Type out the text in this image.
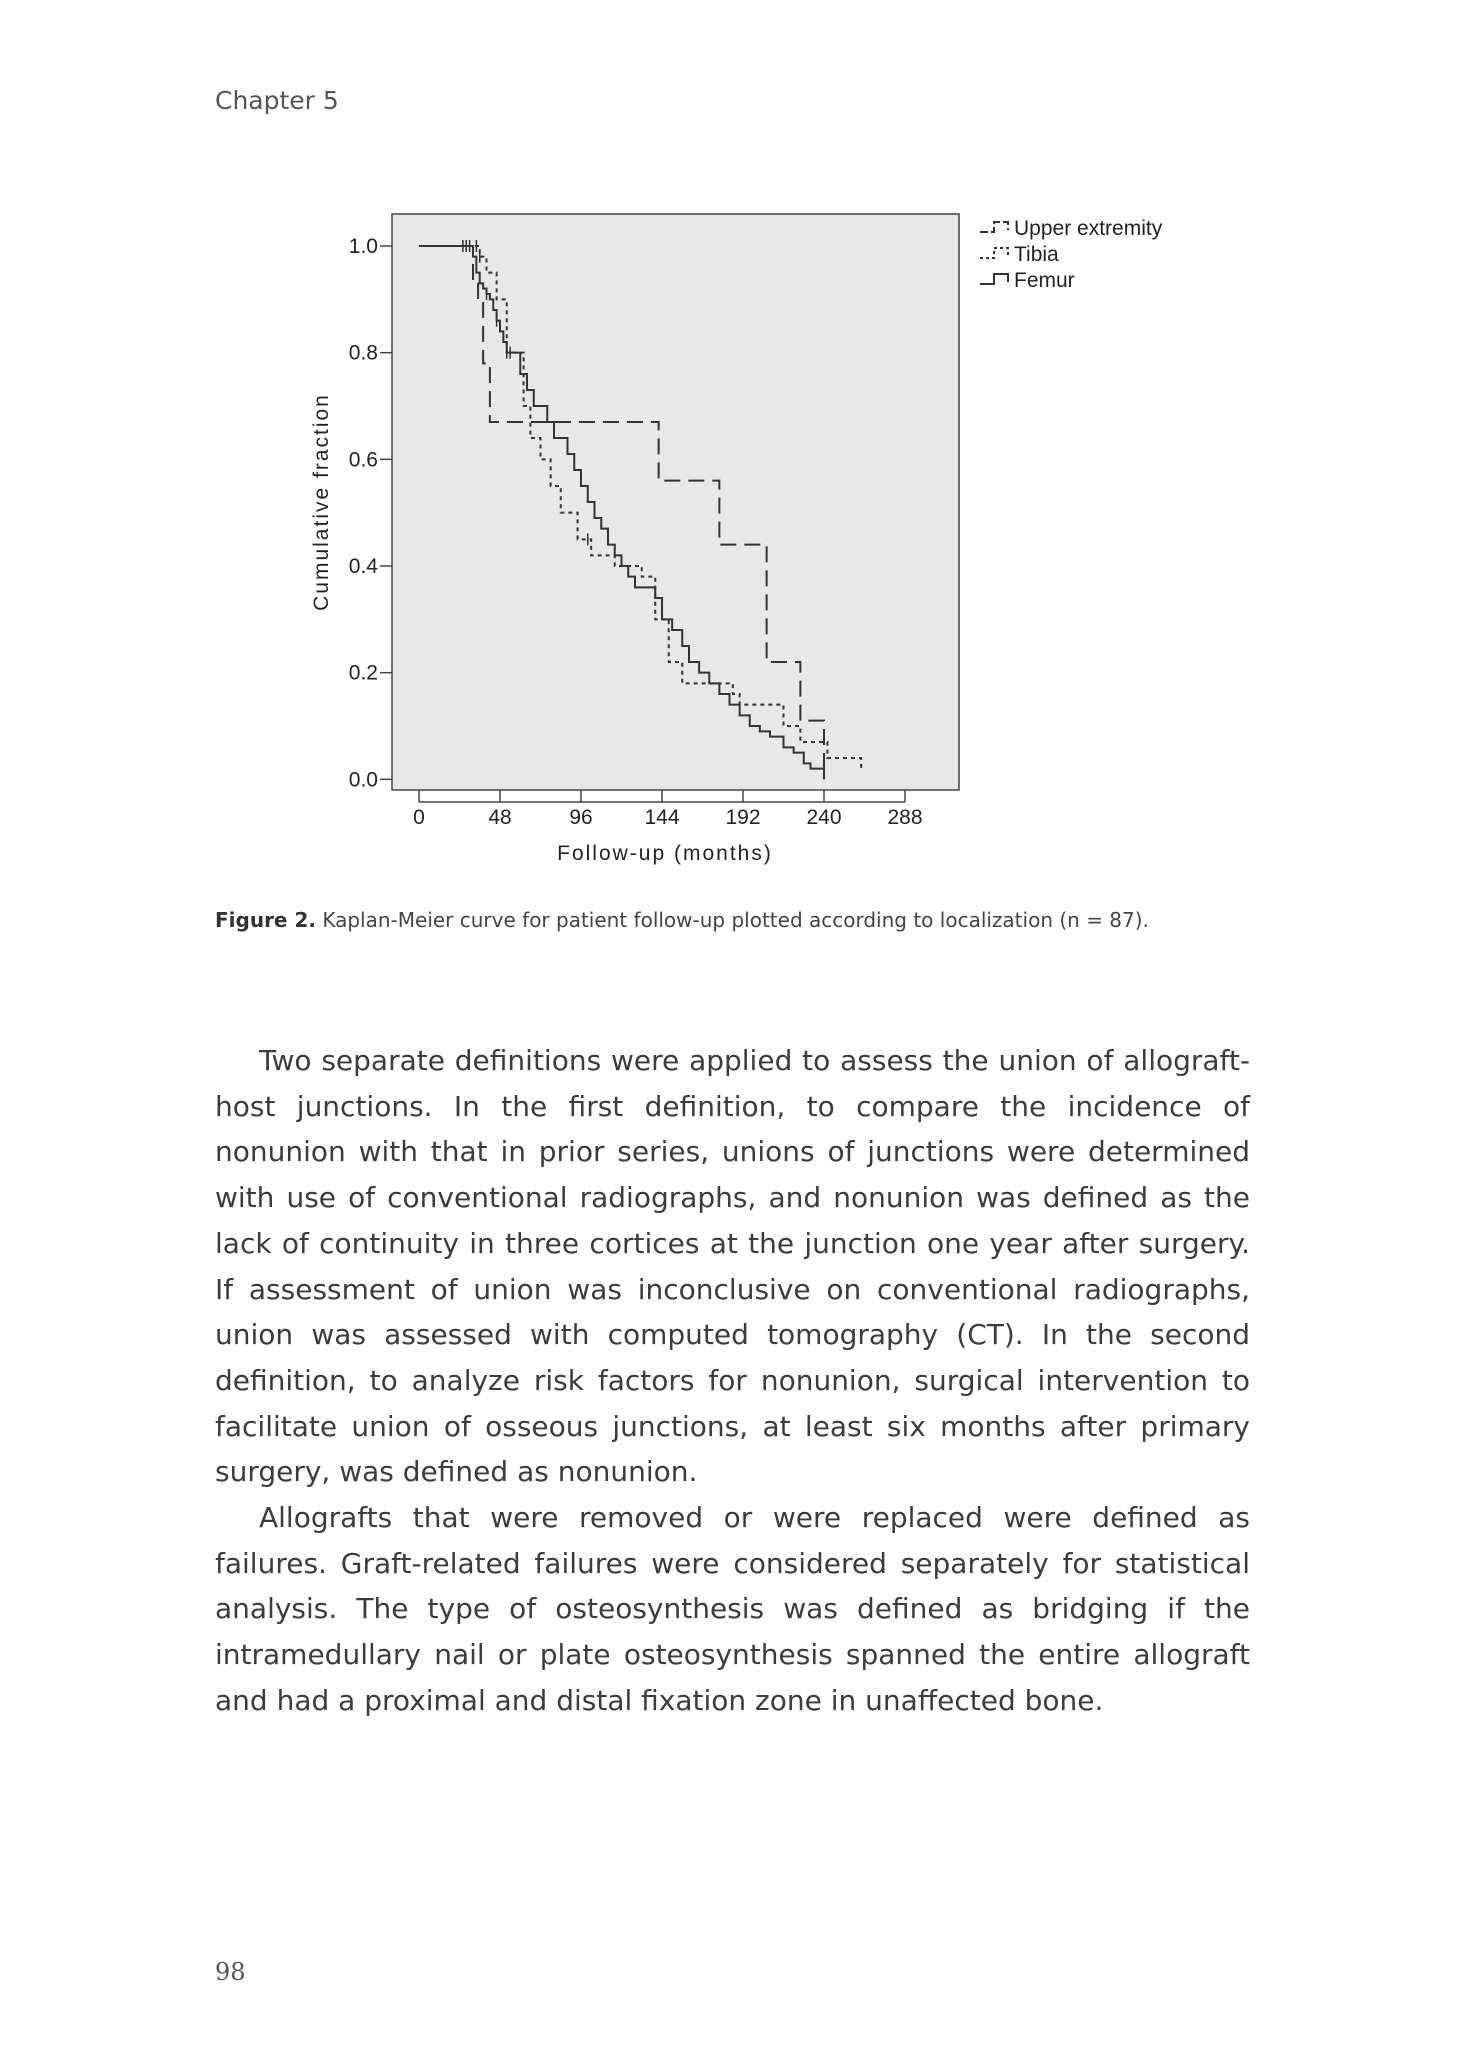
Chapter 5
0.0
0.2
0.4
0.6
0.8
1.0
0	48	96 144 192 240 288
Cumulative fraction
Follow-up (months)
Upper extremity
Tibia
Femur
Figure 2. Kaplan-Meier curve for patient follow-up plotted according to localization (n = 87).

Two separate definitions were applied to assess the union of allograft-host junctions. In the first definition, to compare the incidence of nonunion with that in prior series, unions of junctions were determined with use of conventional radiographs, and nonunion was defined as the lack of continuity in three cortices at the junction one year after surgery. If assessment of union was inconclusive on conventional radiographs, union was assessed with computed tomography (CT). In the second definition, to analyze risk factors for nonunion, surgical intervention to facilitate union of osseous junctions, at least six months after primary surgery, was defined as nonunion.

Allografts that were removed or were replaced were defined as failures. Graft-related failures were considered separately for statistical analysis. The type of osteosynthesis was defined as bridging if the intramedullary nail or plate osteosynthesis spanned the entire allograft and had a proximal and distal fixation zone in unaffected bone.

98
